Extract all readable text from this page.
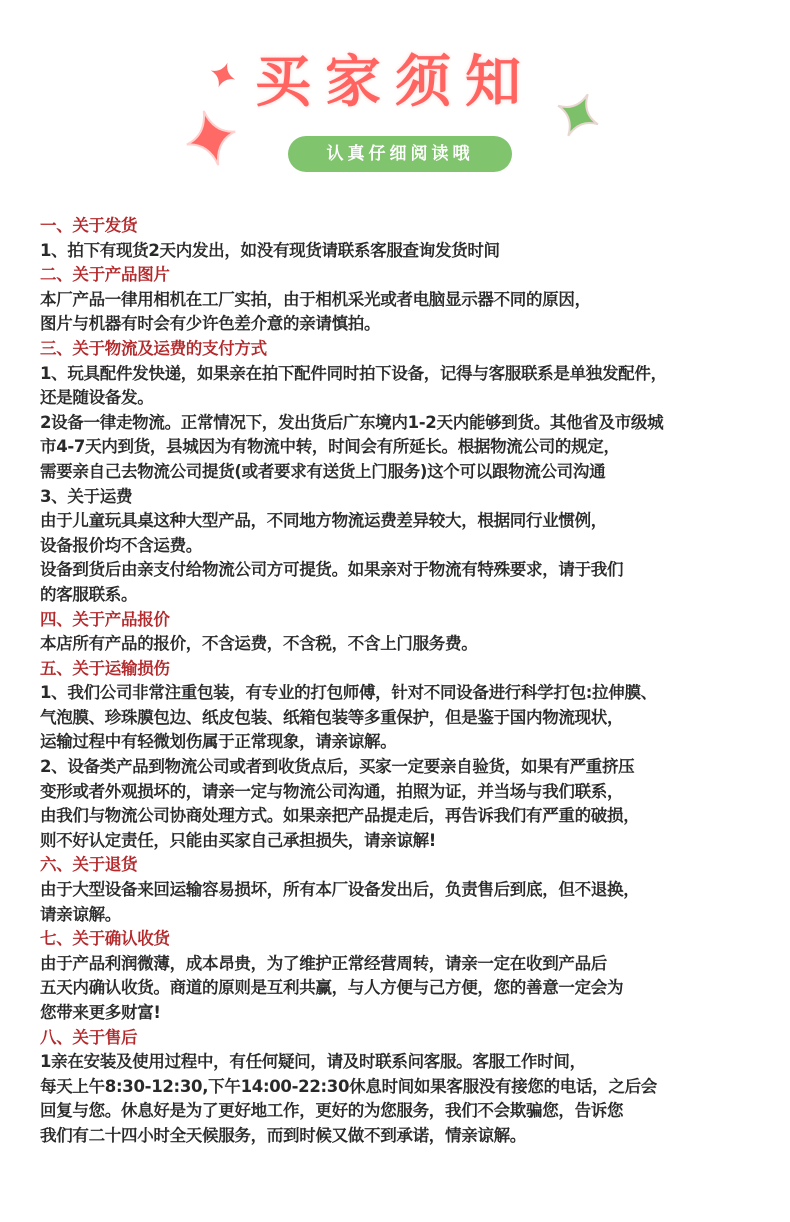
买家须知
认真仔细阅读哦
一、关于发货
1、拍下有现货2天内发出，如没有现货请联系客服查询发货时间
二、关于产品图片
本厂产品一律用相机在工厂实拍，由于相机采光或者电脑显示器不同的原因，
图片与机器有时会有少许色差介意的亲请慎拍。
三、关于物流及运费的支付方式
1、玩具配件发快递，如果亲在拍下配件同时拍下设备，记得与客服联系是单独发配件，
还是随设备发。
2设备一律走物流。正常情况下，发出货后广东境内1-2天内能够到货。其他省及市级城
市4-7天内到货，县城因为有物流中转，时间会有所延长。根据物流公司的规定，
需要亲自己去物流公司提货(或者要求有送货上门服务)这个可以跟物流公司沟通
3、关于运费
由于儿童玩具桌这种大型产品，不同地方物流运费差异较大，根据同行业惯例，
设备报价均不含运费。
设备到货后由亲支付给物流公司方可提货。如果亲对于物流有特殊要求，请于我们
的客服联系。
四、关于产品报价
本店所有产品的报价，不含运费，不含税，不含上门服务费。
五、关于运输损伤
1、我们公司非常注重包装，有专业的打包师傅，针对不同设备进行科学打包:拉伸膜、
气泡膜、珍珠膜包边、纸皮包装、纸箱包装等多重保护，但是鉴于国内物流现状，
运输过程中有轻微划伤属于正常现象，请亲谅解。
2、设备类产品到物流公司或者到收货点后，买家一定要亲自验货，如果有严重挤压
变形或者外观损坏的，请亲一定与物流公司沟通，拍照为证，并当场与我们联系，
由我们与物流公司协商处理方式。如果亲把产品提走后，再告诉我们有严重的破损，
则不好认定责任，只能由买家自己承担损失，请亲谅解!
六、关于退货
由于大型设备来回运输容易损坏，所有本厂设备发出后，负责售后到底，但不退换，
请亲谅解。
七、关于确认收货
由于产品利润微薄，成本昂贵，为了维护正常经营周转，请亲一定在收到产品后
五天内确认收货。商道的原则是互利共赢，与人方便与己方便，您的善意一定会为
您带来更多财富!
八、关于售后
1亲在安装及使用过程中，有任何疑问，请及时联系问客服。客服工作时间，
每天上午8:30-12:30,下午14:00-22:30休息时间如果客服没有接您的电话，之后会
回复与您。休息好是为了更好地工作，更好的为您服务，我们不会欺骗您，告诉您
我们有二十四小时全天候服务，而到时候又做不到承诺，情亲谅解。
